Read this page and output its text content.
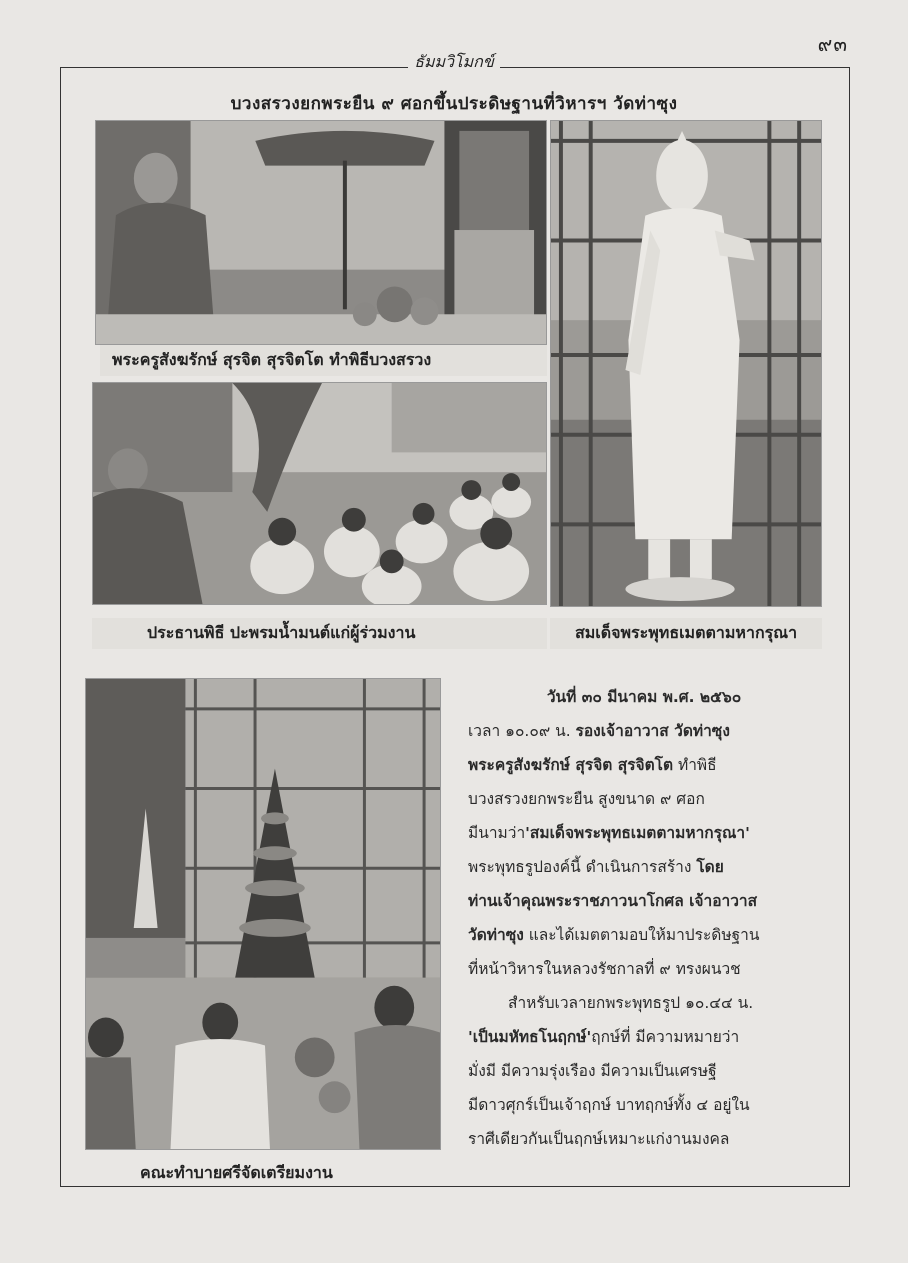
๙๓
ธัมมวิโมกข์
บวงสรวงยกพระยืน ๙ ศอกขึ้นประดิษฐานที่วิหารฯ วัดท่าซุง
พระครูสังฆรักษ์ สุรจิต สุรจิตโต ทำพิธีบวงสรวง
ประธานพิธี ปะพรมน้ำมนต์แก่ผู้ร่วมงาน	สมเด็จพระพุทธเมตตามหากรุณา
คณะทำบายศรีจัดเตรียมงาน

วันที่ ๓๐ มีนาคม พ.ศ. ๒๕๖๐

เวลา ๑๐.๐๙ น. รองเจ้าอาวาส วัดท่าซุง

พระครูสังฆรักษ์ สุรจิต สุรจิตโต ทำพิธี

บวงสรวงยกพระยืน สูงขนาด ๙ ศอก

มีนามว่า'สมเด็จพระพุทธเมตตามหากรุณา'

พระพุทธรูปองค์นี้ ดำเนินการสร้าง โดย

ท่านเจ้าคุณพระราชภาวนาโกศล เจ้าอาวาส

วัดท่าซุง และได้เมตตามอบให้มาประดิษฐาน

ที่หน้าวิหารในหลวงรัชกาลที่ ๙ ทรงผนวช

สำหรับเวลายกพระพุทธรูป ๑๐.๔๔ น.

'เป็นมหัทธโนฤกษ์'ฤกษ์ที่ มีความหมายว่า

มั่งมี มีความรุ่งเรือง มีความเป็นเศรษฐี

มีดาวศุกร์เป็นเจ้าฤกษ์ บาทฤกษ์ทั้ง ๔ อยู่ใน

ราศีเดียวกันเป็นฤกษ์เหมาะแก่งานมงคล
